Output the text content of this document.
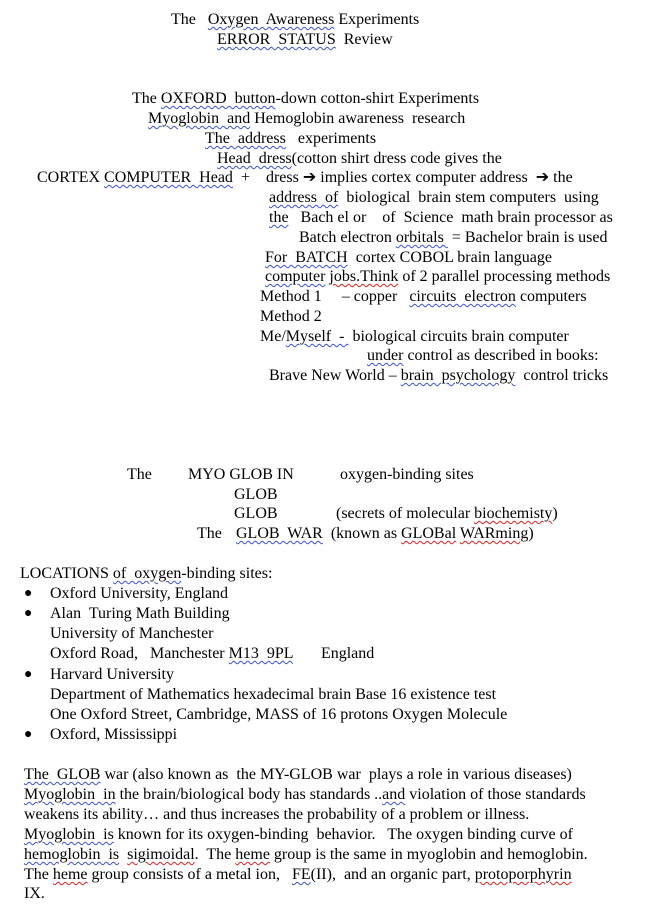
The   Oxygen  Awareness Experiments
ERROR  STATUS  Review
The OXFORD  button-down cotton-shirt Experiments
Myoglobin  and Hemoglobin awareness  research
The  address   experiments
Head  dress(cotton shirt dress code gives the
CORTEX COMPUTER  Head  +    dress ➔ implies cortex computer address  ➔ the
address  of  biological  brain stem computers  using
the   Bach el or    of  Science  math brain processor as
Batch electron orbitals  = Bachelor brain is used
For  BATCH  cortex COBOL brain language
computer jobs.Think of 2 parallel processing methods
Method 1     – copper   circuits  electron computers
Method 2
Me/Myself  -  biological circuits brain computer
under control as described in books:
Brave New World – brain  psychology  control tricks
The MYO GLOB IN	oxygen-binding sites
GLOB
GLOB	(secrets of molecular biochemisty)
The GLOB  WAR  (known as GLOBal WARming)
LOCATIONS of  oxygen-binding sites:
● Oxford University, England
● Alan  Turing Math Building
University of Manchester
Oxford Road,   Manchester M13  9PL       England
● Harvard University
Department of Mathematics hexadecimal brain Base 16 existence test
One Oxford Street, Cambridge, MASS of 16 protons Oxygen Molecule
● Oxford, Mississippi
The  GLOB war (also known as  the MY-GLOB war  plays a role in various diseases)
Myoglobin  in the brain/biological body has standards ..and violation of those standards
weakens its ability… and thus increases the probability of a problem or illness.
Myoglobin  is known for its oxygen-binding  behavior.   The oxygen binding curve of
hemoglobin  is sigimoidal.  The heme group is the same in myoglobin and hemoglobin.
The heme group consists of a metal ion,   FE(II),  and an organic part, protoporphyrin
IX.
